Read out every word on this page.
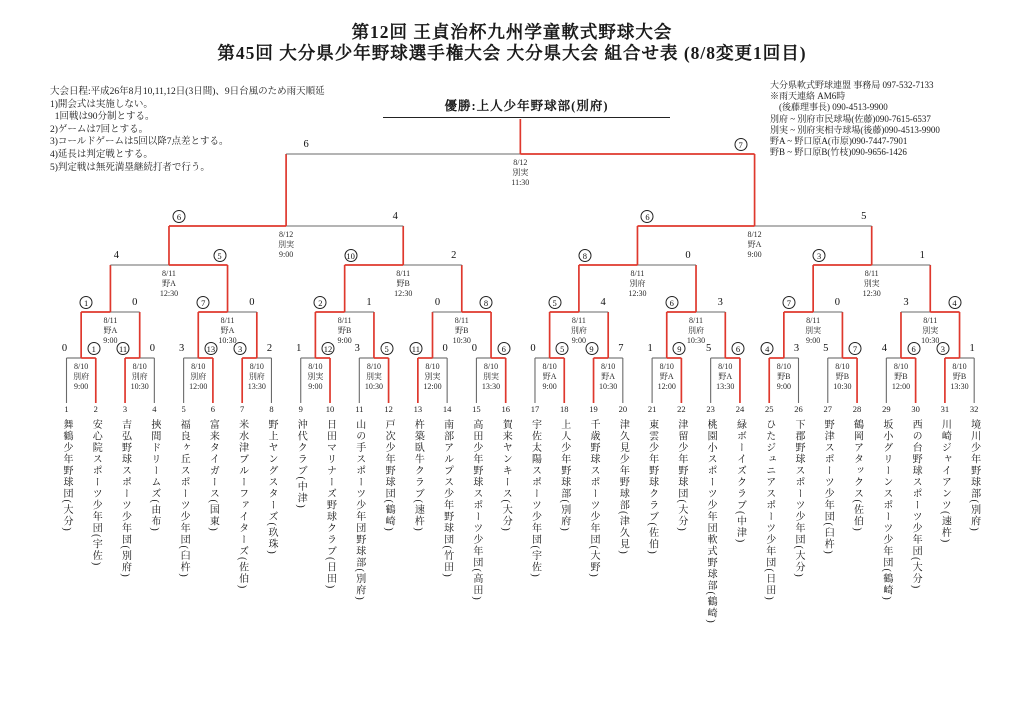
第12回 王貞治杯九州学童軟式野球大会
第45回 大分県少年野球選手権大会 大分県大会 組合せ表 (8/8変更1回目)
大会日程:平成26年8月10,11,12日(3日間)、9日台風のため雨天順延
1)開会式は実施しない。
1回戦は90分制とする。
2)ゲームは7回とする。
3)コールドゲームは5回以降7点差とする。
4)延長は判定戦とする。
5)判定戦は無死満塁継続打者で行う。
大分県軟式野球連盟 事務局 097-532-7133
※雨天連絡 AM6時
　(後藤理事長) 090-4513-9900
別府 ~ 別府市民球場(佐藤)090-7615-6537
別実 ~ 別府実相寺球場(後藤)090-4513-9900
野A ~ 野口原A(市原)090-7447-7901
野B ~ 野口原B(竹枝)090-9656-1426
優勝:上人少年野球部(別府)
8/10
別府
9:00
0	1
8/10
別府
10:30
11 0
8/10
別府
12:00
3	13
8/10
別府
13:30
3	2
8/10
別実
9:00
1	12
8/10
別実
10:30
3	5
8/10
別実
12:00
11 0
8/10
別実
13:30
0	6
8/10
野A
9:00
0	5
8/10
野A
10:30
9	7
8/10
野A
12:00
1	9
8/10
野A
13:30
5	6
8/10
野B
9:00
4	3
8/10
野B
10:30
5	7
8/10
野B
12:00
4	6
8/10
野B
13:30
3	1
8/11
野A
9:00
1	0
8/11
野A
10:30
7	0
8/11
野B
9:00
2	1
8/11
野B
10:30
0	8
8/11
別府
9:00
5	4
8/11
別府
10:30
6	3
8/11
別実
9:00
7	0
8/11
別実
10:30
3	4
8/11
野A
12:30
4	5
8/11
野B
12:30
10	2
8/11
別府
12:30
8	0
8/11
別実
12:30
3	1
8/12
別実
9:00
6	4
8/12
野A
9:00
6	5
8/12
別実
11:30
6	7
1
舞鶴少年野球団(大分)
2
安心院スポーツ少年団(宇佐)
3
吉弘野球スポーツ少年団(別府)
4
挾間ドリームズ(由布)
5
福良ヶ丘スポーツ少年団(臼杵)
6
富来タイガース(国東)
7
米水津ブルーファイターズ(佐伯)
8
野上ヤングスターズ(玖珠)
9
沖代クラブ(中津)
10
日田マリナーズ野球クラブ(日田)
11
山の手スポーツ少年団野球部(別府)
12
戸次少年野球団(鶴崎)
13
杵築臥牛クラブ(速杵)
14
南部アルプス少年野球団(竹田)
15
高田少年野球スポーツ少年団(高田)
16
賀来ヤンキース(大分)
17
宇佐太陽スポーツ少年団(宇佐)
18
上人少年野球部(別府)
19
千歳野球スポーツ少年団(大野)
20
津久見少年野球部(津久見)
21
東雲少年野球クラブ(佐伯)
22
津留少年野球団(大分)
23
桃園小スポーツ少年団軟式野球部(鶴崎)
24
緑ボーイズクラブ(中津)
25
ひたジュニアスポーツ少年団(日田)
26
下郡野球スポーツ少年団(大分)
27
野津スポーツ少年団(臼杵)
28
鶴岡アタックス(佐伯)
29
坂小グリーンスポーツ少年団(鶴崎)
30
西の台野球スポーツ少年団(大分)
31
川崎ジャイアンツ(速杵)
32
境川少年野球部(別府)
